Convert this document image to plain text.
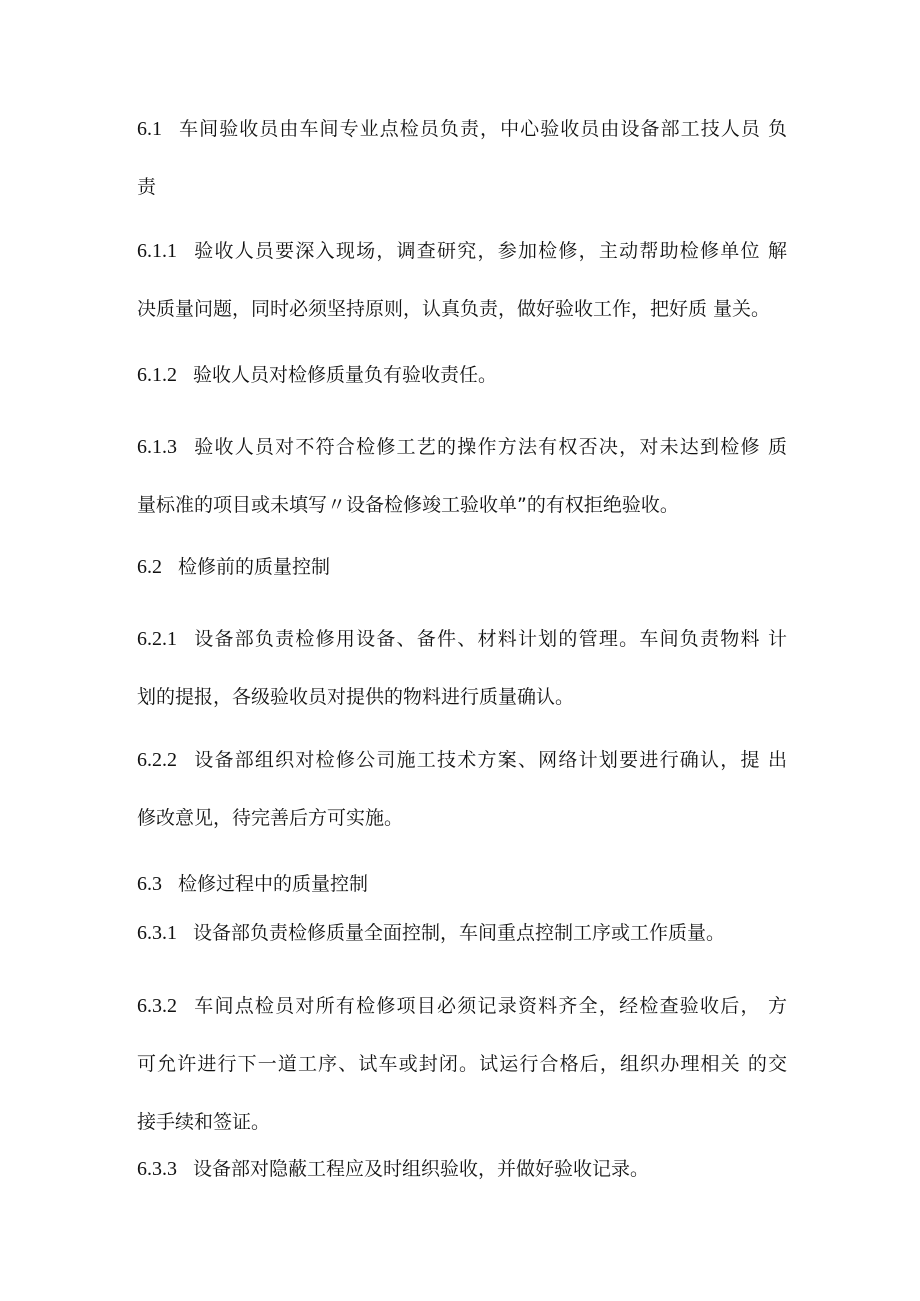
6.1 车间验收员由车间专业点检员负责，中心验收员由设备部工技人员 负
责

6.1.1 验收人员要深入现场，调查研究，参加检修，主动帮助检修单位 解
决质量问题，同时必须坚持原则，认真负责，做好验收工作，把好质 量关。

6.1.2 验收人员对检修质量负有验收责任。

6.1.3 验收人员对不符合检修工艺的操作方法有权否决，对未达到检修 质
量标准的项目或未填写〃设备检修竣工验收单”的有权拒绝验收。

6.2 检修前的质量控制

6.2.1 设备部负责检修用设备、备件、材料计划的管理。车间负责物料 计
划的提报，各级验收员对提供的物料进行质量确认。

6.2.2 设备部组织对检修公司施工技术方案、网络计划要进行确认，提 出
修改意见，待完善后方可实施。

6.3 检修过程中的质量控制

6.3.1 设备部负责检修质量全面控制，车间重点控制工序或工作质量。

6.3.2 车间点检员对所有检修项目必须记录资料齐全，经检查验收后， 方
可允许进行下一道工序、试车或封闭。试运行合格后，组织办理相关 的交
接手续和签证。

6.3.3 设备部对隐蔽工程应及时组织验收，并做好验收记录。
